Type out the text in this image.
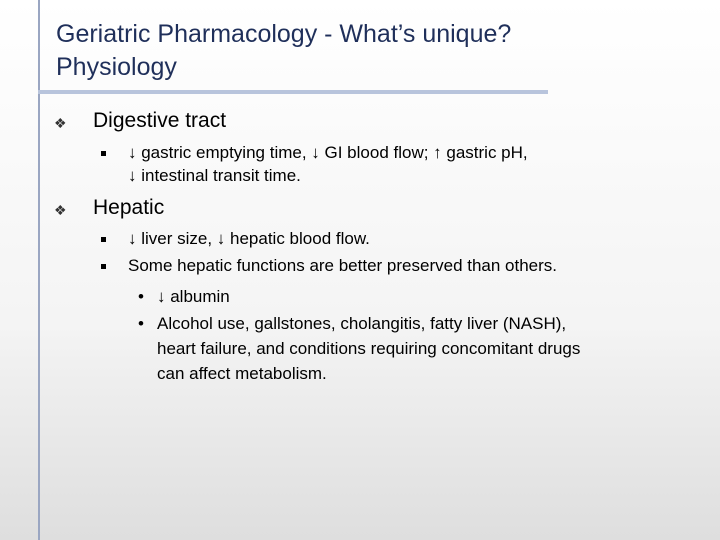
Geriatric Pharmacology - What’s unique?
Physiology
❖ Digestive tract
↓ gastric emptying time, ↓ GI blood flow; ↑ gastric pH,
↓ intestinal transit time.
❖ Hepatic
↓ liver size, ↓ hepatic blood flow.
Some hepatic functions are better preserved than others.
• ↓ albumin
• Alcohol use, gallstones, cholangitis, fatty liver (NASH),
heart failure, and conditions requiring concomitant drugs
can affect metabolism.
